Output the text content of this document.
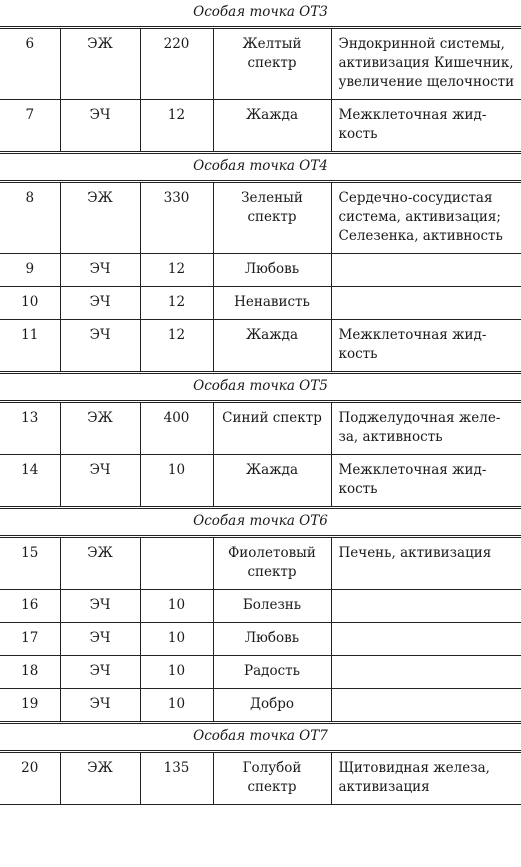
Особая точка ОТ3				
6	ЭЖ	220	Желтый спектр	Эндокринной системы, активизация Кишечник, увеличение щелочности
7	ЭЧ	12	Жажда	Межклеточная жид-кость
Особая точка ОТ4				
8	ЭЖ	330	Зеленый спектр	Сердечно-сосудистая система, активизация; Селезенка, активность
9	ЭЧ	12	Любовь	
10	ЭЧ	12	Ненависть	
11	ЭЧ	12	Жажда	Межклеточная жид-кость
Особая точка ОТ5				
13	ЭЖ	400	Синий спектр	Поджелудочная желе-за, активность
14	ЭЧ	10	Жажда	Межклеточная жид-кость
Особая точка ОТ6				
15	ЭЖ		Фиолетовый спектр	Печень, активизация
16	ЭЧ	10	Болезнь	
17	ЭЧ	10	Любовь	
18	ЭЧ	10	Радость	
19	ЭЧ	10	Добро	
Особая точка ОТ7				
20	ЭЖ	135	Голубой спектр	Щитовидная железа, активизация
